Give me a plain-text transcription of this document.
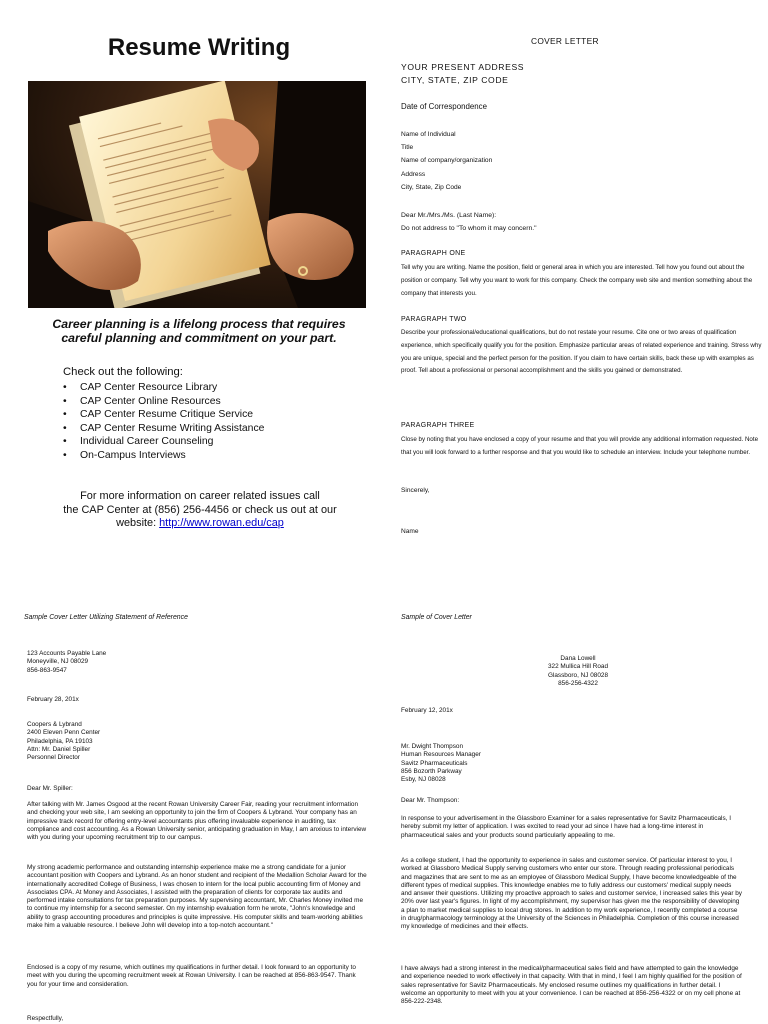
Resume Writing
Career planning is a lifelong process that requires
careful planning and commitment on your part.
Check out the following:
• CAP Center Resource Library
• CAP Center Online Resources
• CAP Center Resume Critique Service
• CAP Center Resume Writing Assistance
• Individual Career Counseling
• On-Campus Interviews
For more information on career related issues call
the CAP Center at (856) 256-4456 or check us out at our
website: http://www.rowan.edu/cap
COVER LETTER
YOUR PRESENT ADDRESS
CITY, STATE, ZIP CODE
Date of Correspondence
Name of Individual
Title
Name of company/organization
Address
City, State, Zip Code
Dear Mr./Mrs./Ms. (Last Name):
Do not address to "To whom it may concern."
PARAGRAPH ONE

Tell why you are writing. Name the position, field or general area in which you are interested. Tell how you found out about the position or company. Tell why you want to work for this company. Check the company web site and mention something about the company that interests you.

PARAGRAPH TWO

Describe your professional/educational qualifications, but do not restate your resume. Cite one or two areas of qualification experience, which specifically qualify you for the position. Emphasize particular areas of related experience and training. Stress why you are unique, special and the perfect person for the position. If you claim to have certain skills, back these up with examples as proof. Tell about a professional or personal accomplishment and the skills you gained or demonstrated.

PARAGRAPH THREE

Close by noting that you have enclosed a copy of your resume and that you will provide any additional information requested. Note that you will look forward to a further response and that you would like to schedule an interview. Include your telephone number.

Sincerely,
Name
Sample Cover Letter Utilizing Statement of Reference

123 Accounts Payable Lane

Moneyville, NJ 08029

856-863-9547

February 28, 201x

Coopers & Lybrand

2400 Eleven Penn Center

Philadelphia, PA 19103

Attn: Mr. Daniel Spiller

Personnel Director

Dear Mr. Spiller:

After talking with Mr. James Osgood at the recent Rowan University Career Fair, reading your recruitment information and checking your web site, I am seeking an opportunity to join the firm of Coopers & Lybrand. Your company has an impressive track record for offering entry-level accountants plus offering invaluable experience in auditing, tax compliance and cost accounting. As a Rowan University senior, anticipating graduation in May, I am anxious to interview with you during your upcoming recruitment trip to our campus.

My strong academic performance and outstanding internship experience make me a strong candidate for a junior accountant position with Coopers and Lybrand. As an honor student and recipient of the Medallion Scholar Award for the internationally accredited College of Business, I was chosen to intern for the local public accounting firm of Money and Associates CPA. At Money and Associates, I assisted with the preparation of clients for corporate tax audits and performed intake consultations for tax preparation purposes. My supervising accountant, Mr. Charles Money invited me to continue my internship for a second semester. On my internship evaluation form he wrote, "John's knowledge and ability to grasp accounting procedures and principles is quite impressive. His computer skills and team-working abilities make him a valuable resource. I believe John will develop into a top-notch accountant."

Enclosed is a copy of my resume, which outlines my qualifications in further detail. I look forward to an opportunity to meet with you during the upcoming recruitment week at Rowan University. I can be reached at 856-863-9547. Thank you for your time and consideration.

Respectfully,
Sample of Cover Letter

Dana Lowell

322 Mullica Hill Road

Glassboro, NJ 08028

856-256-4322

February 12, 201x

Mr. Dwight Thompson

Human Resources Manager

Savitz Pharmaceuticals

856 Bozorth Parkway

Esby, NJ 08028

Dear Mr. Thompson:

In response to your advertisement in the Glassboro Examiner for a sales representative for Savitz Pharmaceuticals, I hereby submit my letter of application. I was excited to read your ad since I have had a long-time interest in pharmaceutical sales and your products sound particularly appealing to me.

As a college student, I had the opportunity to experience in sales and customer service. Of particular interest to you, I worked at Glassboro Medical Supply serving customers who enter our store. Through reading professional periodicals and magazines that are sent to me as an employee of Glassboro Medical Supply, I have become knowledgeable of the different types of medical supplies. This knowledge enables me to fully address our customers' medical supply needs and answer their questions. Utilizing my proactive approach to sales and customer service, I increased sales this year by 20% over last year's figures. In light of my accomplishment, my supervisor has given me the responsibility of developing a plan to market medical supplies to local drug stores. In addition to my work experience, I recently completed a course in drug/pharmacology terminology at the University of the Sciences in Philadelphia. Completion of this course increased my knowledge of medicines and their effects.

I have always had a strong interest in the medical/pharmaceutical sales field and have attempted to gain the knowledge and experience needed to work effectively in that capacity. With that in mind, I feel I am highly qualified for the position of sales representative for Savitz Pharmaceuticals. My enclosed resume outlines my qualifications in further detail. I welcome an opportunity to meet with you at your convenience. I can be reached at 856-256-4322 or on my cell phone at 856-222-2348.
